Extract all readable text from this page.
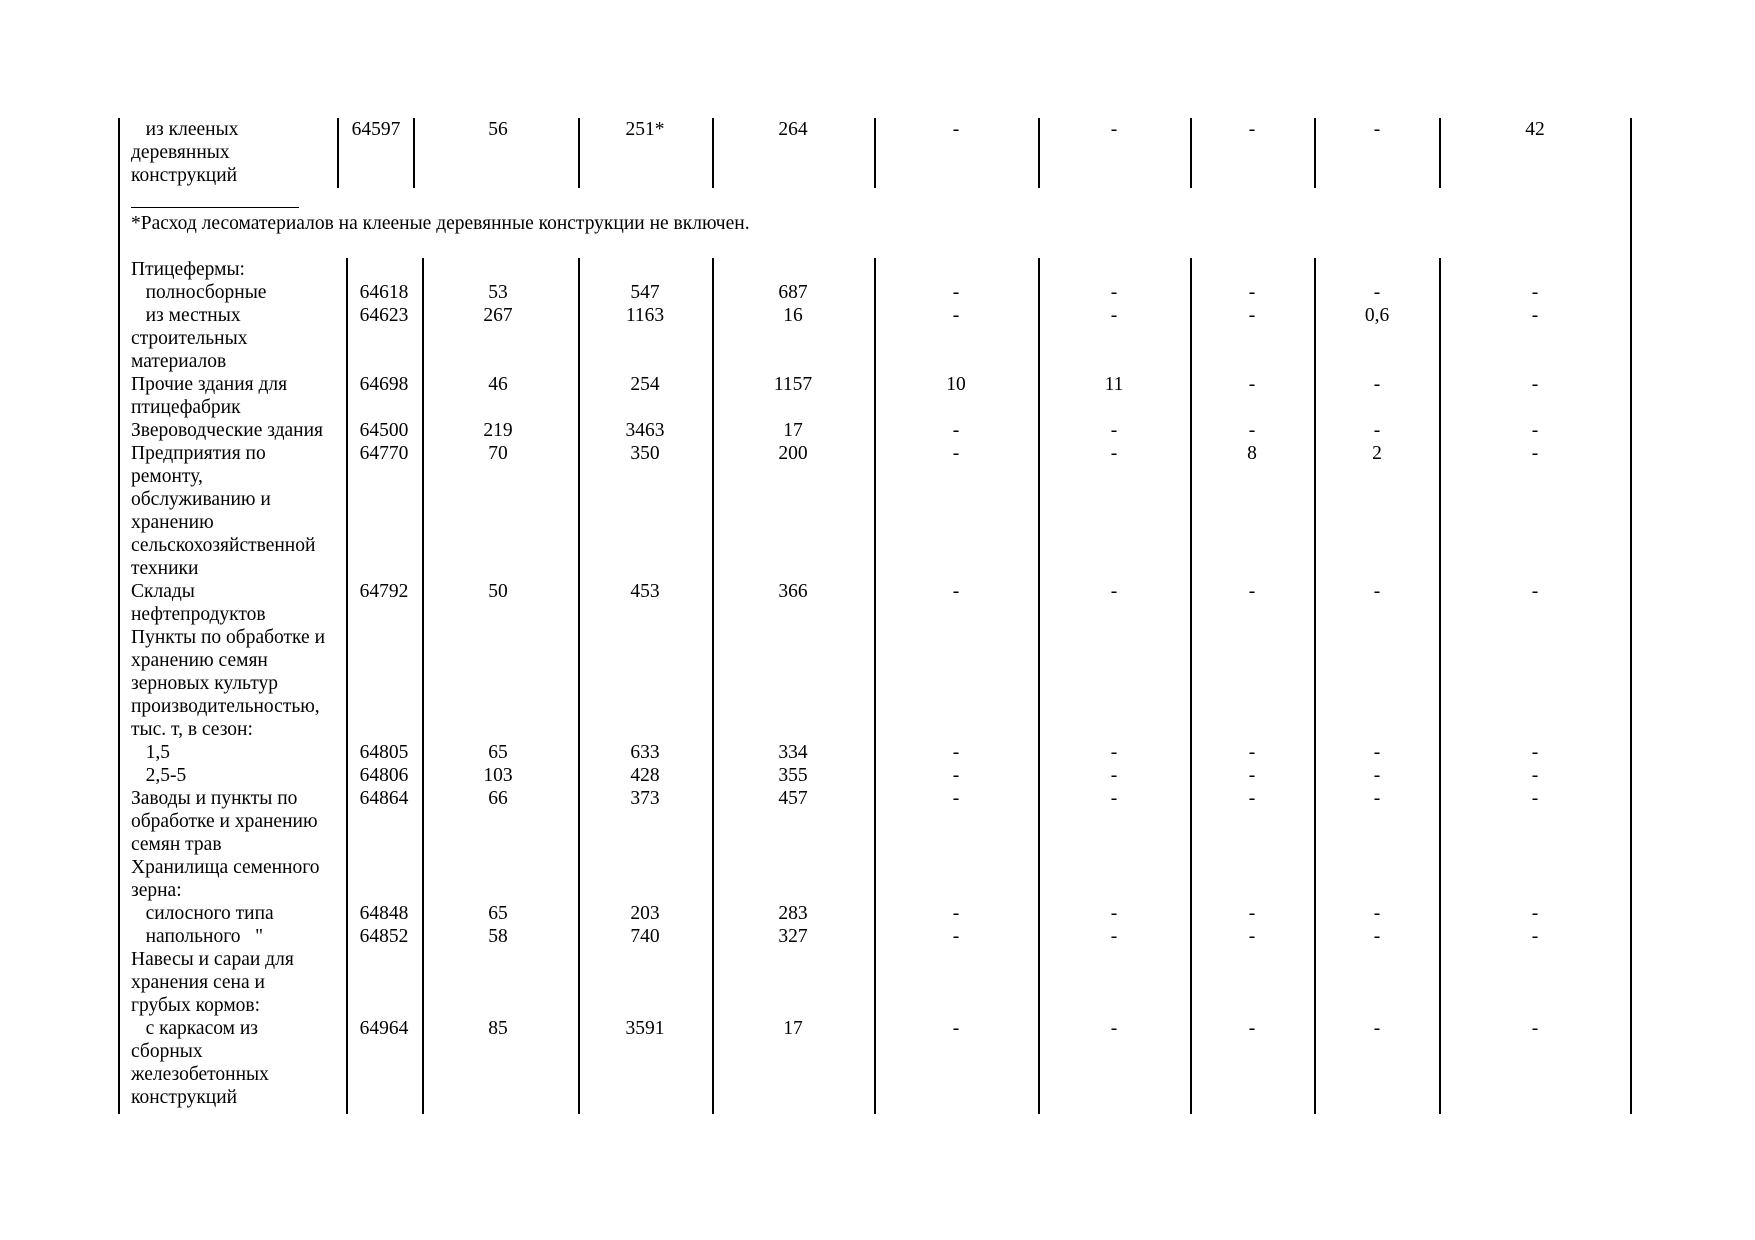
из клееных
деревянных
конструкций
64597	56	251*	264	-	-	-	-	42
*Расход лесоматериалов на клееные деревянные конструкции не включен.
Птицефермы:
полносборные	64618	53	547	687	-	-	-	-	-
из местных
строительных
материалов
64623	267	1163	16	-	-	-	0,6	-
Прочие здания для
птицефабрик
64698	46	254	1157	10	11	-	-	-
Звероводческие здания	64500	219	3463	17	-	-	-	-	-
Предприятия по
ремонту,
обслуживанию и
хранению
сельскохозяйственной
техники
64770	70	350	200	-	-	8	2	-
Склады
нефтепродуктов
64792	50	453	366	-	-	-	-	-
Пункты по обработке и
хранению семян
зерновых культур
производительностью,
тыс. т, в сезон:
1,5	64805	65	633	334	-	-	-	-	-
2,5-5	64806	103	428	355	-	-	-	-	-
Заводы и пункты по
обработке и хранению
семян трав
64864	66	373	457	-	-	-	-	-
Хранилища семенного
зерна:
силосного типа	64848	65	203	283	-	-	-	-	-
напольного   "	64852	58	740	327	-	-	-	-	-
Навесы и сараи для
хранения сена и
грубых кормов:
с каркасом из
сборных
железобетонных
конструкций
64964	85	3591	17	-	-	-	-	-
